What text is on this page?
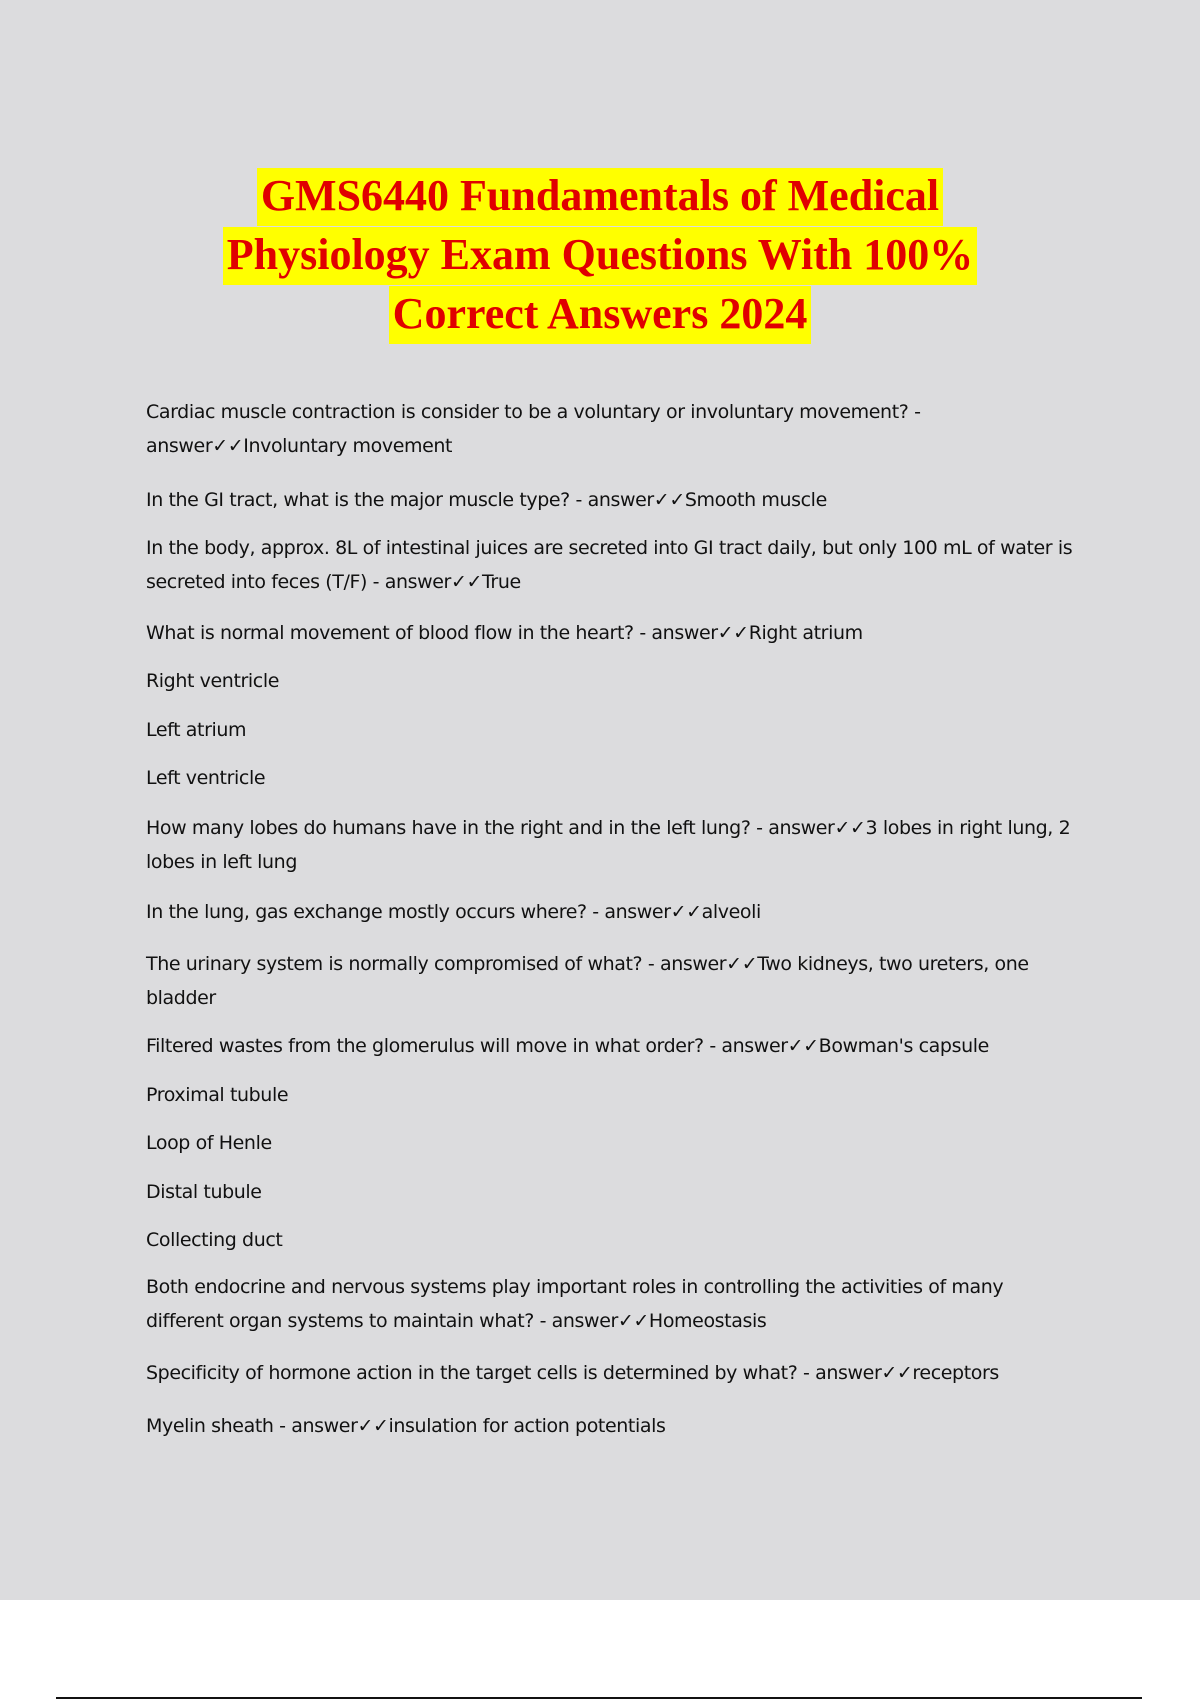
GMS6440 Fundamentals of Medical
Physiology Exam Questions With 100%
Correct Answers 2024

Cardiac muscle contraction is consider to be a voluntary or involuntary movement? - answer✓✓Involuntary movement

In the GI tract, what is the major muscle type? - answer✓✓Smooth muscle

In the body, approx. 8L of intestinal juices are secreted into GI tract daily, but only 100 mL of water is secreted into feces (T/F) - answer✓✓True

What is normal movement of blood flow in the heart? - answer✓✓Right atrium

Right ventricle

Left atrium

Left ventricle

How many lobes do humans have in the right and in the left lung? - answer✓✓3 lobes in right lung, 2 lobes in left lung

In the lung, gas exchange mostly occurs where? - answer✓✓alveoli

The urinary system is normally compromised of what? - answer✓✓Two kidneys, two ureters, one bladder

Filtered wastes from the glomerulus will move in what order? - answer✓✓Bowman's capsule

Proximal tubule

Loop of Henle

Distal tubule

Collecting duct

Both endocrine and nervous systems play important roles in controlling the activities of many different organ systems to maintain what? - answer✓✓Homeostasis

Specificity of hormone action in the target cells is determined by what? - answer✓✓receptors

Myelin sheath - answer✓✓insulation for action potentials
